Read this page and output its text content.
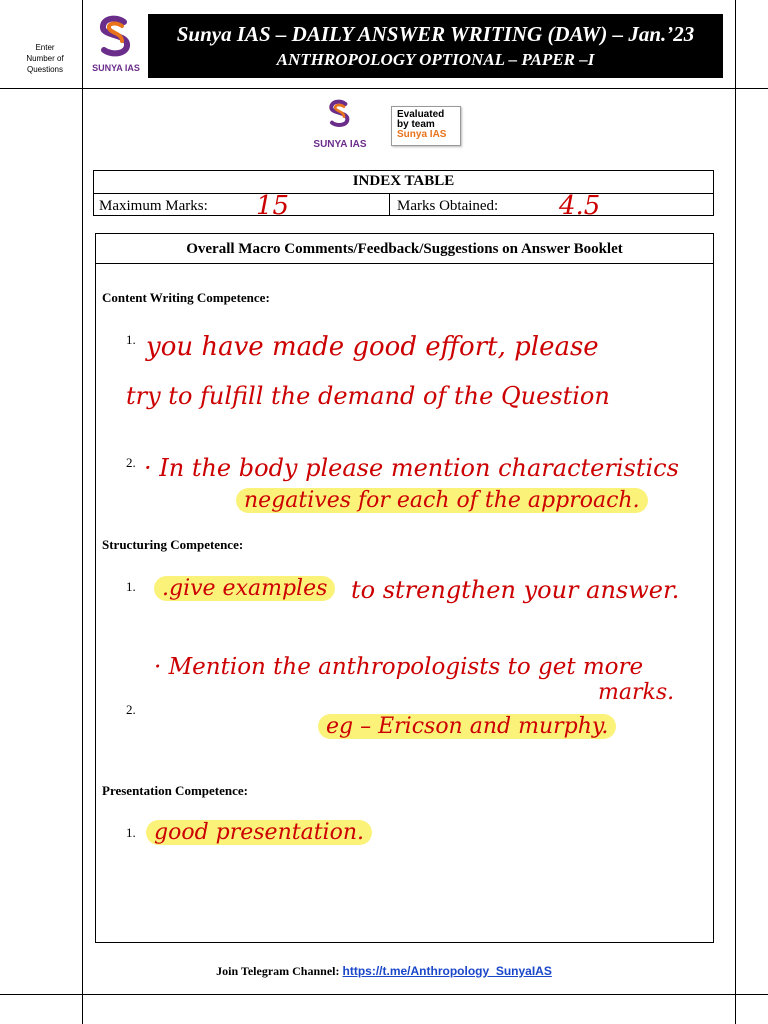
Enter
Number of
Questions	SUNYA IAS
Sunya IAS – DAILY ANSWER WRITING (DAW) – Jan.’23
ANTHROPOLOGY OPTIONAL – PAPER –I
SUNYA IAS
Evaluated
by team
Sunya IAS
INDEX TABLE
Maximum Marks: 15	Marks Obtained: 4.5
Overall Macro Comments/Feedback/Suggestions on Answer Booklet
Content Writing Competence:
1. you have made good effort, please
try to fulfill the demand of the Question
2. · In the body please mention characteristics
negatives for each of the approach.
Structuring Competence:
1.	.give examples to strengthen your answer.
· Mention the anthropologists to get more
marks.
2.
eg – Ericson and murphy.
Presentation Competence:
1. good presentation.
Join Telegram Channel: https://t.me/Anthropology_SunyaIAS
